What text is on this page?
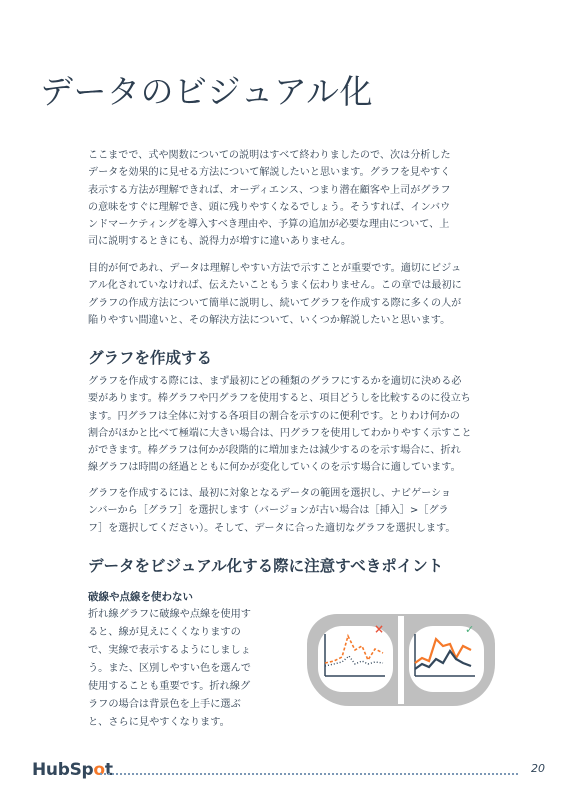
データのビジュアル化
ここまでで、式や関数についての説明はすべて終わりましたので、次は分析した
データを効果的に見せる方法について解説したいと思います。グラフを見やすく
表示する方法が理解できれば、オーディエンス、つまり潜在顧客や上司がグラフ
の意味をすぐに理解でき、頭に残りやすくなるでしょう。そうすれば、インバウ
ンドマーケティングを導入すべき理由や、予算の追加が必要な理由について、上
司に説明するときにも、説得力が増すに違いありません。
目的が何であれ、データは理解しやすい方法で示すことが重要です。適切にビジュ
アル化されていなければ、伝えたいこともうまく伝わりません。この章では最初に
グラフの作成方法について簡単に説明し、続いてグラフを作成する際に多くの人が
陥りやすい間違いと、その解決方法について、いくつか解説したいと思います。
グラフを作成する
グラフを作成する際には、まず最初にどの種類のグラフにするかを適切に決める必
要があります。棒グラフや円グラフを使用すると、項目どうしを比較するのに役立ち
ます。円グラフは全体に対する各項目の割合を示すのに便利です。とりわけ何かの
割合がほかと比べて極端に大きい場合は、円グラフを使用してわかりやすく示すこと
ができます。棒グラフは何かが段階的に増加または減少するのを示す場合に、折れ
線グラフは時間の経過とともに何かが変化していくのを示す場合に適しています。
グラフを作成するには、最初に対象となるデータの範囲を選択し、ナビゲーショ
ンバーから［グラフ］を選択します（バージョンが古い場合は［挿入］>［グラ
フ］を選択してください）。そして、データに合った適切なグラフを選択します。
データをビジュアル化する際に注意すべきポイント
破線や点線を使わない
折れ線グラフに破線や点線を使用す
ると、線が見えにくくなりますの
で、実線で表示するようにしましょ
う。また、区別しやすい色を選んで
使用することも重要です。折れ線グ
ラフの場合は背景色を上手に選ぶ
と、さらに見やすくなります。
×	✓
HubSpot	20
